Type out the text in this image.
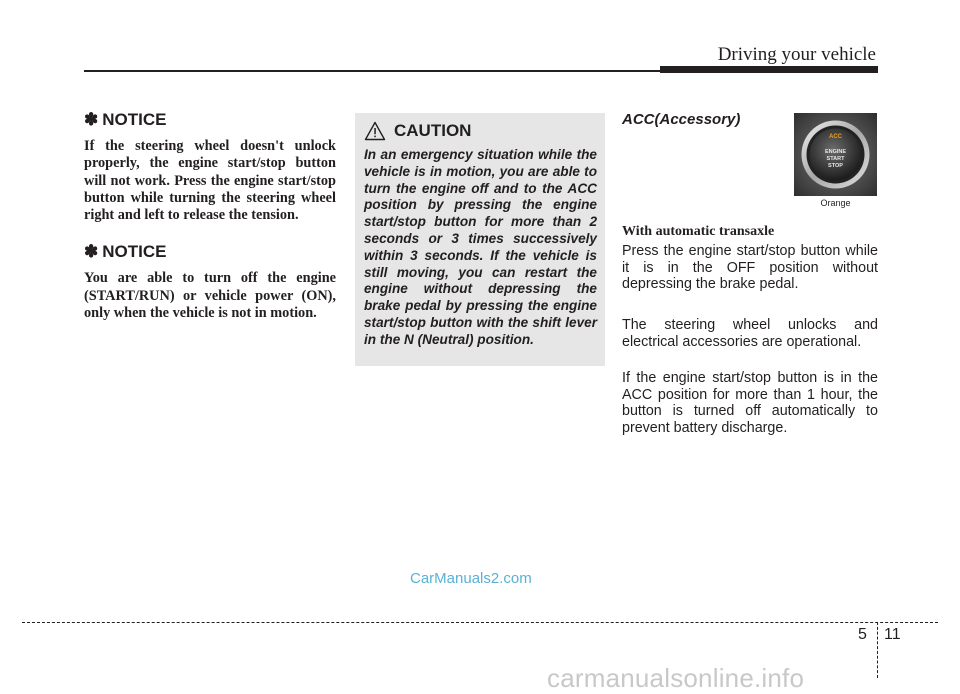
Driving your vehicle
✽ NOTICE

If the steering wheel doesn't unlock properly, the engine start/stop button will not work. Press the engine start/stop button while turning the steering wheel right and left to release the tension.

✽ NOTICE

You are able to turn off the engine (START/RUN) or vehicle power (ON), only when the vehicle is not in motion.

CAUTION

In an emergency situation while the vehicle is in motion, you are able to turn the engine off and to the ACC position by pressing the engine start/stop button for more than 2 seconds or 3 times successively within 3 seconds. If the vehicle is still moving, you can restart the engine without depressing the brake pedal by pressing the engine start/stop button with the shift lever in the N (Neutral) position.

ACC(Accessory)
ACC
ENGINE
START
STOP
Orange
With automatic transaxle

Press the engine start/stop button while it is in the OFF position without depressing the brake pedal.

The steering wheel unlocks and electrical accessories are operational.

If the engine start/stop button is in the ACC position for more than 1 hour, the button is turned off automatically to prevent battery discharge.

CarManuals2.com
5 11
carmanualsonline.info
